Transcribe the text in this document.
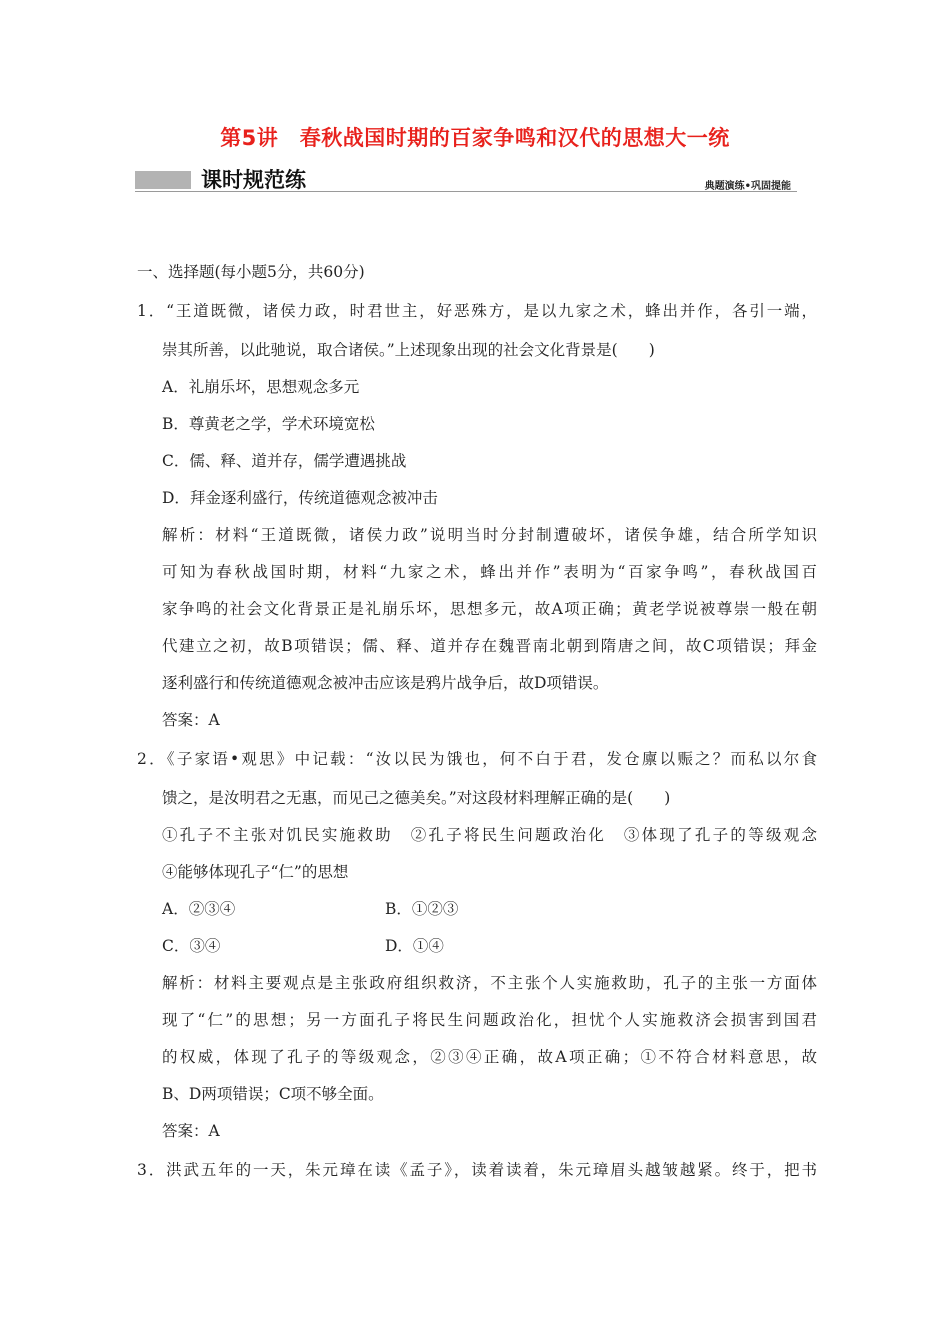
第5讲　春秋战国时期的百家争鸣和汉代的思想大一统
课时规范练	典题演练•巩固提能
一、选择题(每小题5分，共60分)
1．“王道既微，诸侯力政，时君世主，好恶殊方，是以九家之术，蜂出并作，各引一端，
崇其所善，以此驰说，取合诸侯。”上述现象出现的社会文化背景是(　　)
A．礼崩乐坏，思想观念多元
B．尊黄老之学，学术环境宽松
C．儒、释、道并存，儒学遭遇挑战
D．拜金逐利盛行，传统道德观念被冲击
解析：材料“王道既微，诸侯力政”说明当时分封制遭破坏，诸侯争雄，结合所学知识
可知为春秋战国时期，材料“九家之术，蜂出并作”表明为“百家争鸣”，春秋战国百
家争鸣的社会文化背景正是礼崩乐坏，思想多元，故A项正确；黄老学说被尊崇一般在朝
代建立之初，故B项错误；儒、释、道并存在魏晋南北朝到隋唐之间，故C项错误；拜金
逐利盛行和传统道德观念被冲击应该是鸦片战争后，故D项错误。
答案：A
2．《子家语•观思》中记载：“汝以民为饿也，何不白于君，发仓廪以赈之？而私以尔食
馈之，是汝明君之无惠，而见己之德美矣。”对这段材料理解正确的是(　　)
①孔子不主张对饥民实施救助　②孔子将民生问题政治化　③体现了孔子的等级观念
④能够体现孔子“仁”的思想
A．②③④	B．①②③
C．③④	D．①④
解析：材料主要观点是主张政府组织救济，不主张个人实施救助，孔子的主张一方面体
现了“仁”的思想；另一方面孔子将民生问题政治化，担忧个人实施救济会损害到国君
的权威，体现了孔子的等级观念，②③④正确，故A项正确；①不符合材料意思，故
B、D两项错误；C项不够全面。
答案：A
3．洪武五年的一天，朱元璋在读《孟子》，读着读着，朱元璋眉头越皱越紧。终于，把书
